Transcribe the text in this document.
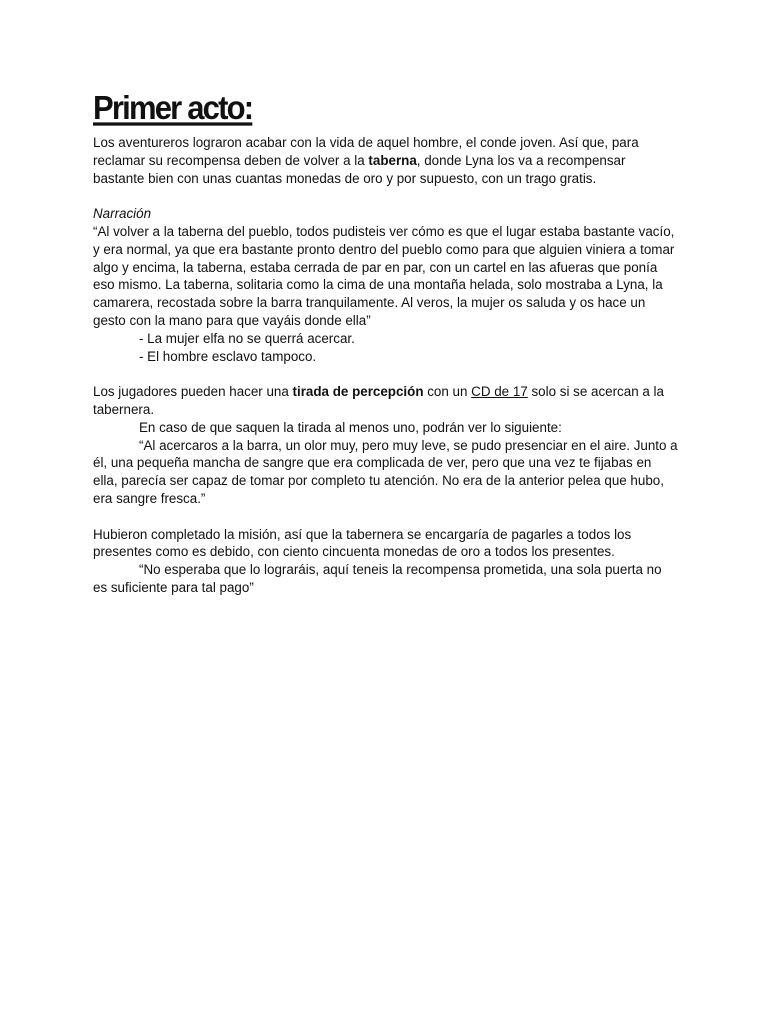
Primer acto:

Los aventureros lograron acabar con la vida de aquel hombre, el conde joven. Así que, para reclamar su recompensa deben de volver a la taberna, donde Lyna los va a recompensar bastante bien con unas cuantas monedas de oro y por supuesto, con un trago gratis.

Narración

“Al volver a la taberna del pueblo, todos pudisteis ver cómo es que el lugar estaba bastante vacío, y era normal, ya que era bastante pronto dentro del pueblo como para que alguien viniera a tomar algo y encima, la taberna, estaba cerrada de par en par, con un cartel en las afueras que ponía eso mismo. La taberna, solitaria como la cima de una montaña helada, solo mostraba a Lyna, la camarera, recostada sobre la barra tranquilamente. Al veros, la mujer os saluda y os hace un gesto con la mano para que vayáis donde ella”

- La mujer elfa no se querrá acercar.

- El hombre esclavo tampoco.

Los jugadores pueden hacer una tirada de percepción con un CD de 17 solo si se acercan a la tabernera.

En caso de que saquen la tirada al menos uno, podrán ver lo siguiente:

“Al acercaros a la barra, un olor muy, pero muy leve, se pudo presenciar en el aire. Junto a él, una pequeña mancha de sangre que era complicada de ver, pero que una vez te fijabas en ella, parecía ser capaz de tomar por completo tu atención. No era de la anterior pelea que hubo, era sangre fresca.”

Hubieron completado la misión, así que la tabernera se encargaría de pagarles a todos los presentes como es debido, con ciento cincuenta monedas de oro a todos los presentes.

“No esperaba que lo lograráis, aquí teneis la recompensa prometida, una sola puerta no es suficiente para tal pago”
